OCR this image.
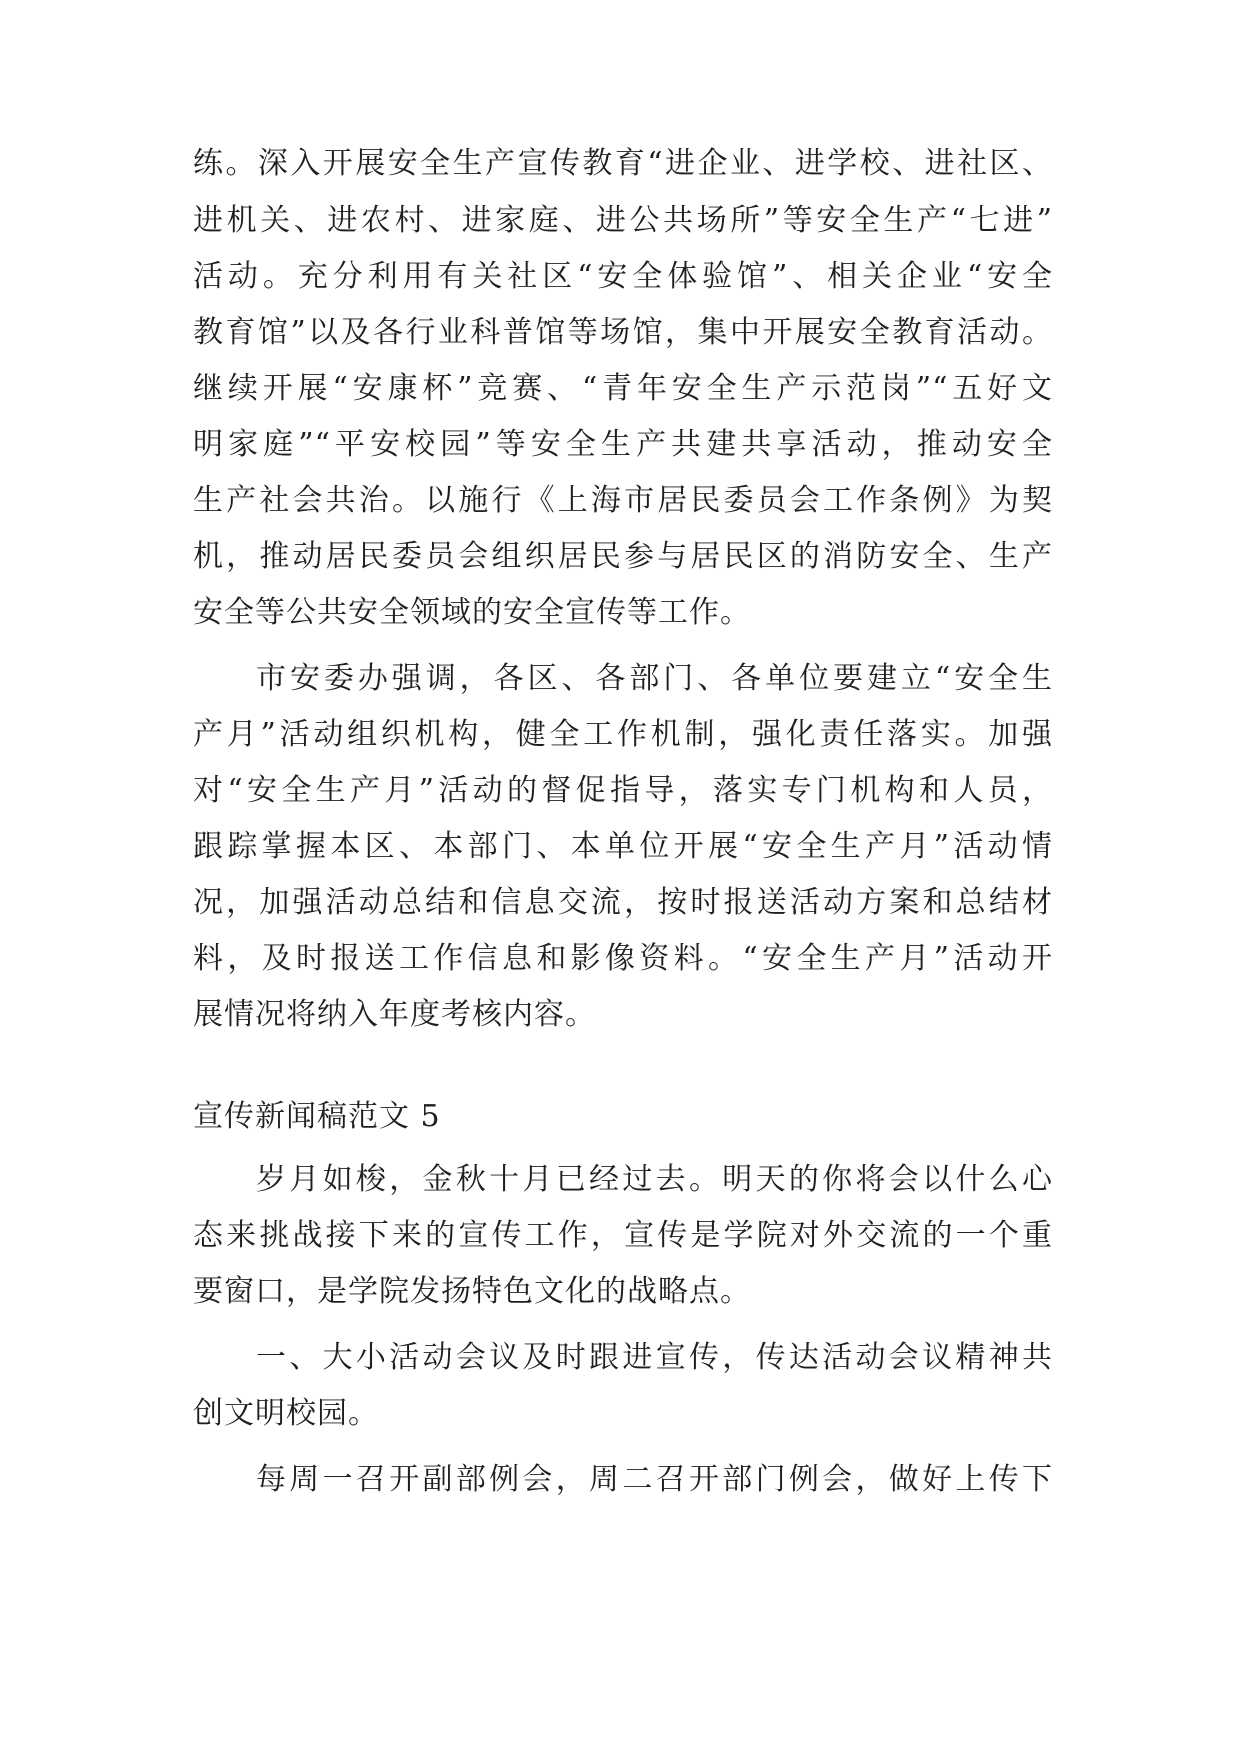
练。深入开展安全生产宣传教育“进企业、进学校、进社区、

进机关、进农村、进家庭、进公共场所”等安全生产“七进”

活动。充分利用有关社区“安全体验馆”、相关企业“安全

教育馆”以及各行业科普馆等场馆，集中开展安全教育活动。

继续开展“安康杯”竞赛、“青年安全生产示范岗”“五好文

明家庭”“平安校园”等安全生产共建共享活动，推动安全

生产社会共治。以施行《上海市居民委员会工作条例》为契

机，推动居民委员会组织居民参与居民区的消防安全、生产

安全等公共安全领域的安全宣传等工作。

市安委办强调，各区、各部门、各单位要建立“安全生

产月”活动组织机构，健全工作机制，强化责任落实。加强

对“安全生产月”活动的督促指导，落实专门机构和人员，

跟踪掌握本区、本部门、本单位开展“安全生产月”活动情

况，加强活动总结和信息交流，按时报送活动方案和总结材

料，及时报送工作信息和影像资料。“安全生产月”活动开

展情况将纳入年度考核内容。

宣传新闻稿范文 5

岁月如梭，金秋十月已经过去。明天的你将会以什么心

态来挑战接下来的宣传工作，宣传是学院对外交流的一个重

要窗口，是学院发扬特色文化的战略点。

一、大小活动会议及时跟进宣传，传达活动会议精神共

创文明校园。

每周一召开副部例会，周二召开部门例会，做好上传下
